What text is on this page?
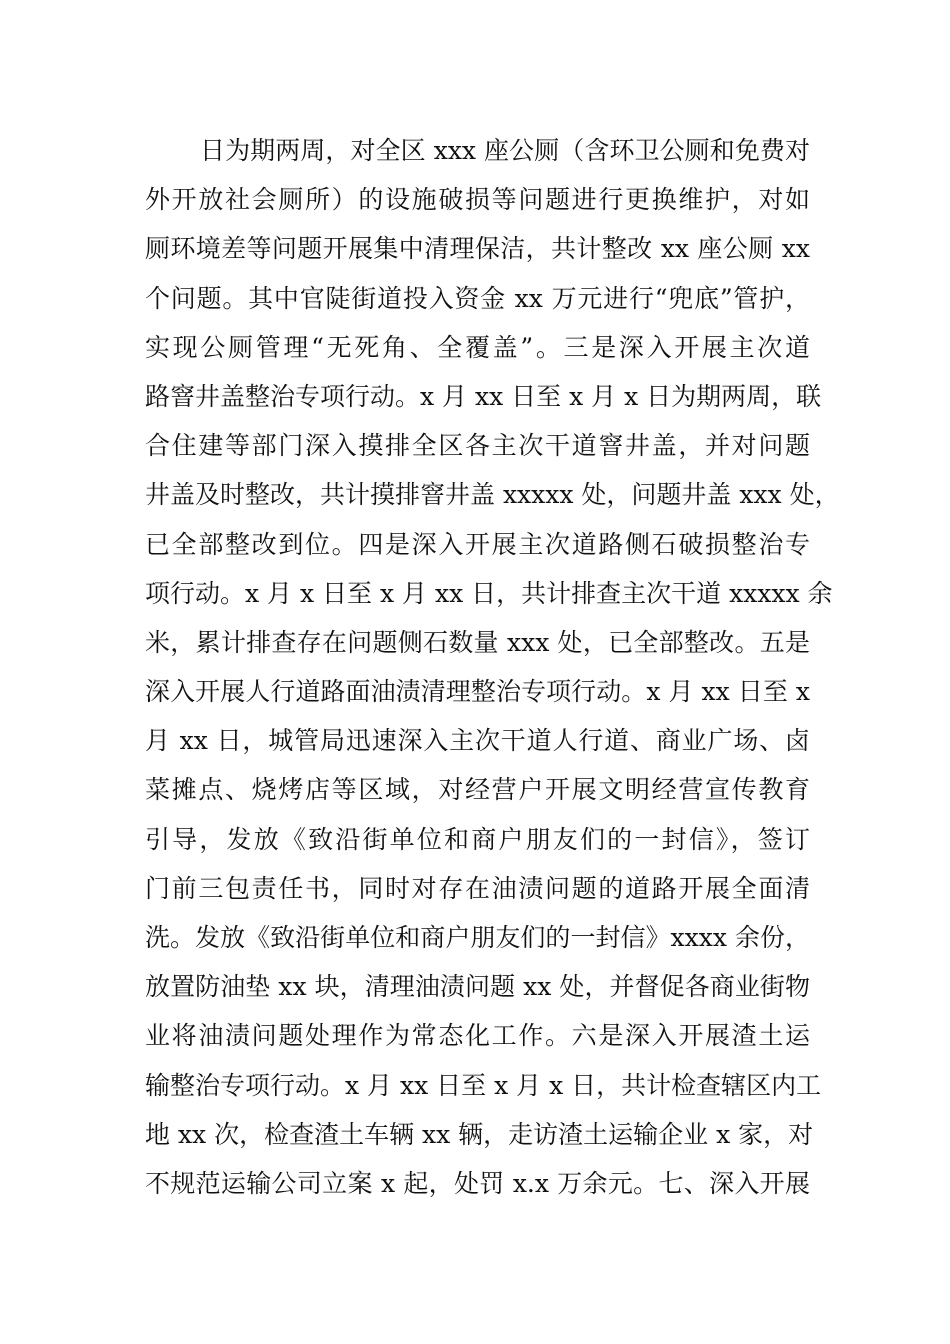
日为期两周，对全区 xxx 座公厕（含环卫公厕和免费对
外开放社会厕所）的设施破损等问题进行更换维护，对如
厕环境差等问题开展集中清理保洁，共计整改 xx 座公厕 xx
个问题。其中官陡街道投入资金 xx 万元进行“兜底”管护，
实现公厕管理“无死角、全覆盖”。三是深入开展主次道
路窨井盖整治专项行动。x 月 xx 日至 x 月 x 日为期两周，联
合住建等部门深入摸排全区各主次干道窨井盖，并对问题
井盖及时整改，共计摸排窨井盖 xxxxx 处，问题井盖 xxx 处，
已全部整改到位。四是深入开展主次道路侧石破损整治专
项行动。x 月 x 日至 x 月 xx 日，共计排查主次干道 xxxxx 余
米，累计排查存在问题侧石数量 xxx 处，已全部整改。五是
深入开展人行道路面油渍清理整治专项行动。x 月 xx 日至 x
月 xx 日，城管局迅速深入主次干道人行道、商业广场、卤
菜摊点、烧烤店等区域，对经营户开展文明经营宣传教育
引导，发放《致沿街单位和商户朋友们的一封信》，签订
门前三包责任书，同时对存在油渍问题的道路开展全面清
洗。发放《致沿街单位和商户朋友们的一封信》xxxx 余份，
放置防油垫 xx 块，清理油渍问题 xx 处，并督促各商业街物
业将油渍问题处理作为常态化工作。六是深入开展渣土运
输整治专项行动。x 月 xx 日至 x 月 x 日，共计检查辖区内工
地 xx 次，检查渣土车辆 xx 辆，走访渣土运输企业 x 家，对
不规范运输公司立案 x 起，处罚 x.x 万余元。七、深入开展
